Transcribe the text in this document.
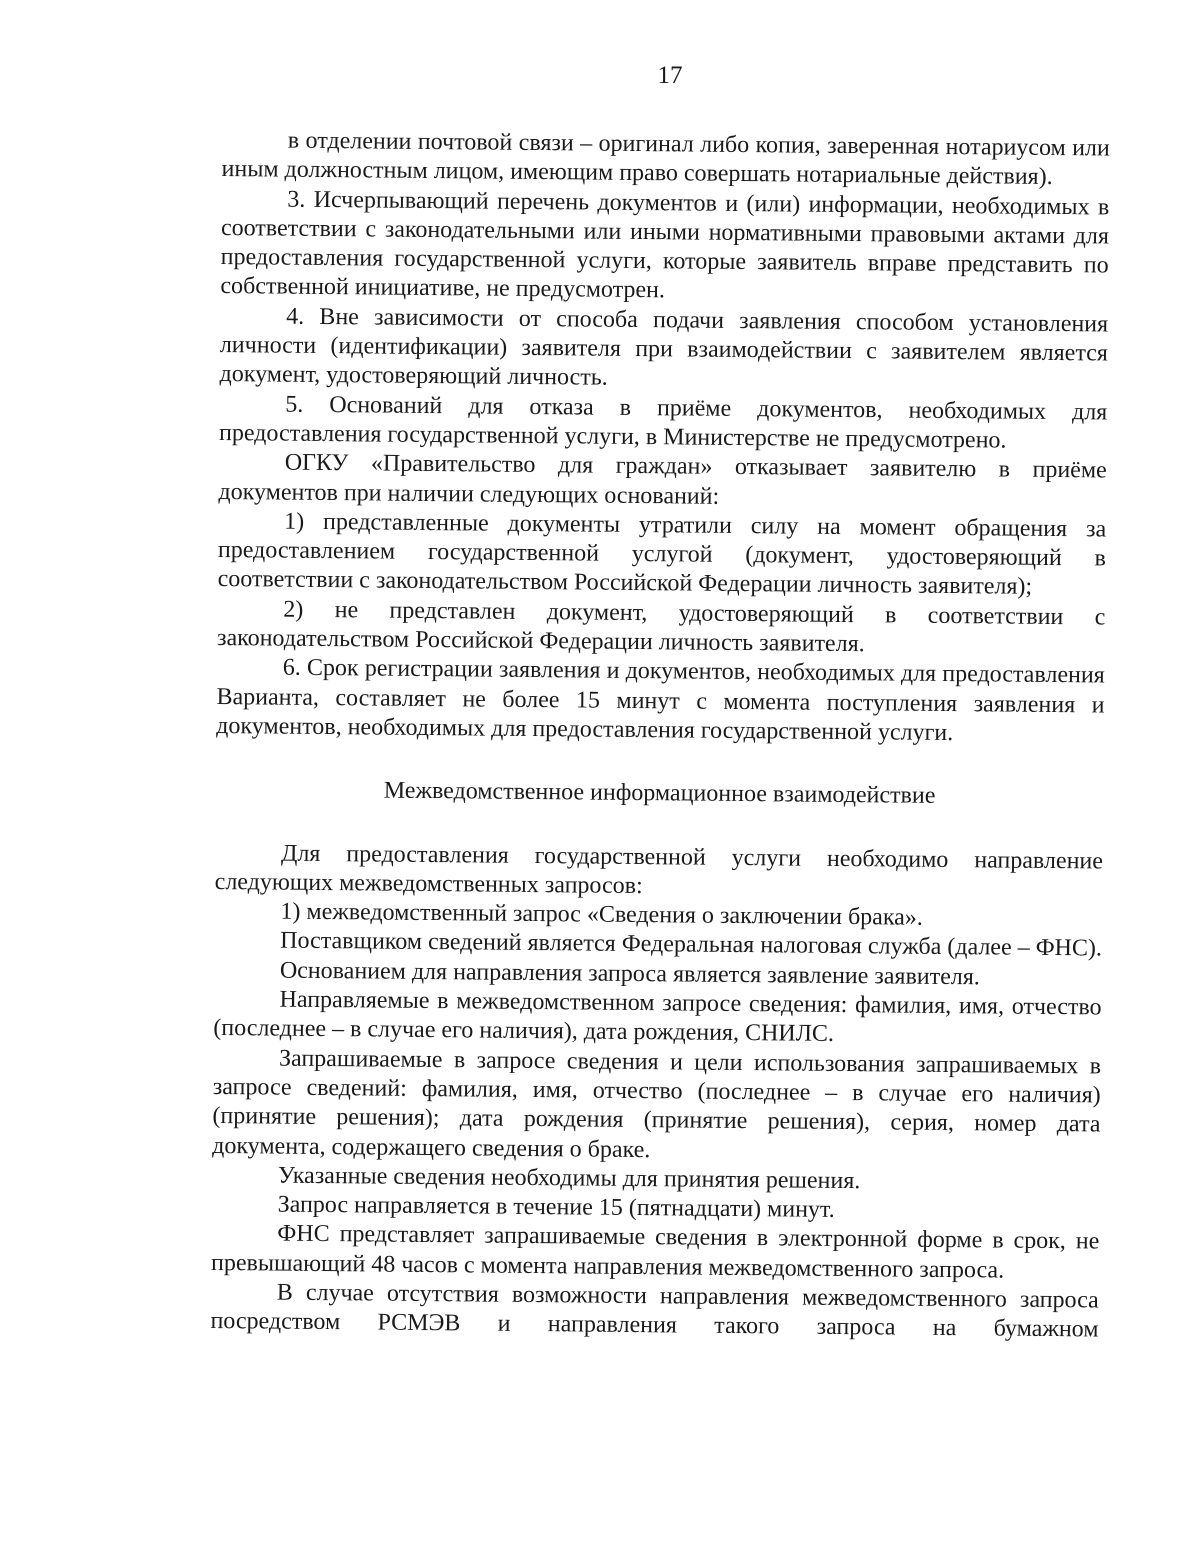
17

в отделении почтовой связи – оригинал либо копия, заверенная нотариусом или иным должностным лицом, имеющим право совершать нотариальные действия).

3. Исчерпывающий перечень документов и (или) информации, необходимых в соответствии с законодательными или иными нормативными правовыми актами для предоставления государственной услуги, которые заявитель вправе представить по собственной инициативе, не предусмотрен.

4. Вне зависимости от способа подачи заявления способом установления личности (идентификации) заявителя при взаимодействии с заявителем является документ, удостоверяющий личность.

5. Оснований для отказа в приёме документов, необходимых для предоставления государственной услуги, в Министерстве не предусмотрено.

ОГКУ «Правительство для граждан» отказывает заявителю в приёме документов при наличии следующих оснований:

1) представленные документы утратили силу на момент обращения за предоставлением государственной услугой (документ, удостоверяющий в соответствии с законодательством Российской Федерации личность заявителя);

2) не представлен документ, удостоверяющий в соответствии с законодательством Российской Федерации личность заявителя.

6. Срок регистрации заявления и документов, необходимых для предоставления Варианта, составляет не более 15 минут с момента поступления заявления и документов, необходимых для предоставления государственной услуги.

Межведомственное информационное взаимодействие

Для предоставления государственной услуги необходимо направление следующих межведомственных запросов:

1) межведомственный запрос «Сведения о заключении брака».

Поставщиком сведений является Федеральная налоговая служба (далее – ФНС).

Основанием для направления запроса является заявление заявителя.

Направляемые в межведомственном запросе сведения: фамилия, имя, отчество (последнее – в случае его наличия), дата рождения, СНИЛС.

Запрашиваемые в запросе сведения и цели использования запрашиваемых в запросе сведений: фамилия, имя, отчество (последнее – в случае его наличия) (принятие решения); дата рождения (принятие решения), серия, номер дата документа, содержащего сведения о браке.

Указанные сведения необходимы для принятия решения.

Запрос направляется в течение 15 (пятнадцати) минут.

ФНС представляет запрашиваемые сведения в электронной форме в срок, не превышающий 48 часов с момента направления межведомственного запроса.

В случае отсутствия возможности направления межведомственного запроса посредством РСМЭВ и направления такого запроса на бумажном
